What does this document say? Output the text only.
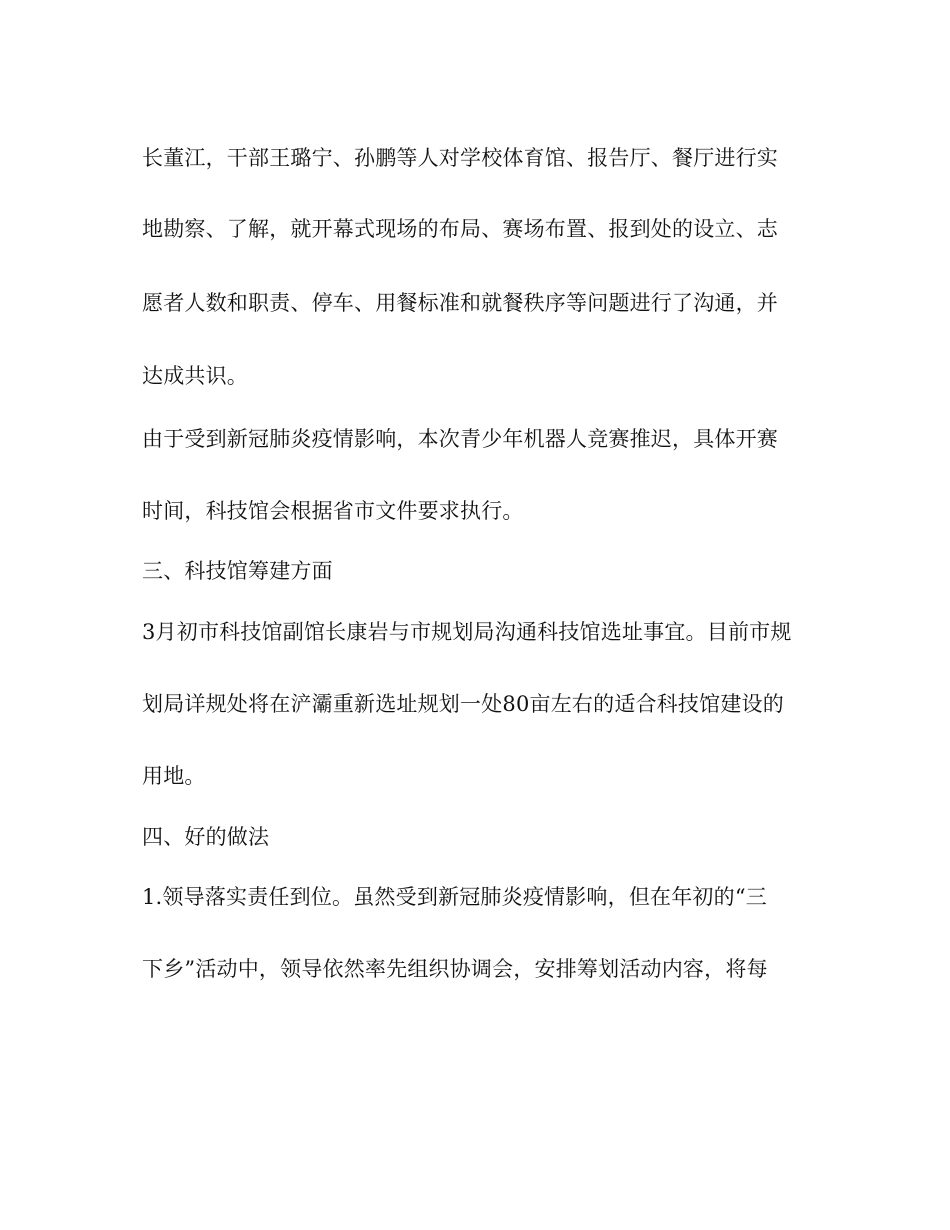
长董江，干部王璐宁、孙鹏等人对学校体育馆、报告厅、餐厅进行实
地勘察、了解，就开幕式现场的布局、赛场布置、报到处的设立、志
愿者人数和职责、停车、用餐标准和就餐秩序等问题进行了沟通，并
达成共识。
由于受到新冠肺炎疫情影响，本次青少年机器人竞赛推迟，具体开赛
时间，科技馆会根据省市文件要求执行。
三、科技馆筹建方面
3月初市科技馆副馆长康岩与市规划局沟通科技馆选址事宜。目前市规
划局详规处将在浐灞重新选址规划一处80亩左右的适合科技馆建设的
用地。
四、好的做法
1.领导落实责任到位。虽然受到新冠肺炎疫情影响，但在年初的“三
下乡”活动中，领导依然率先组织协调会，安排筹划活动内容，将每
